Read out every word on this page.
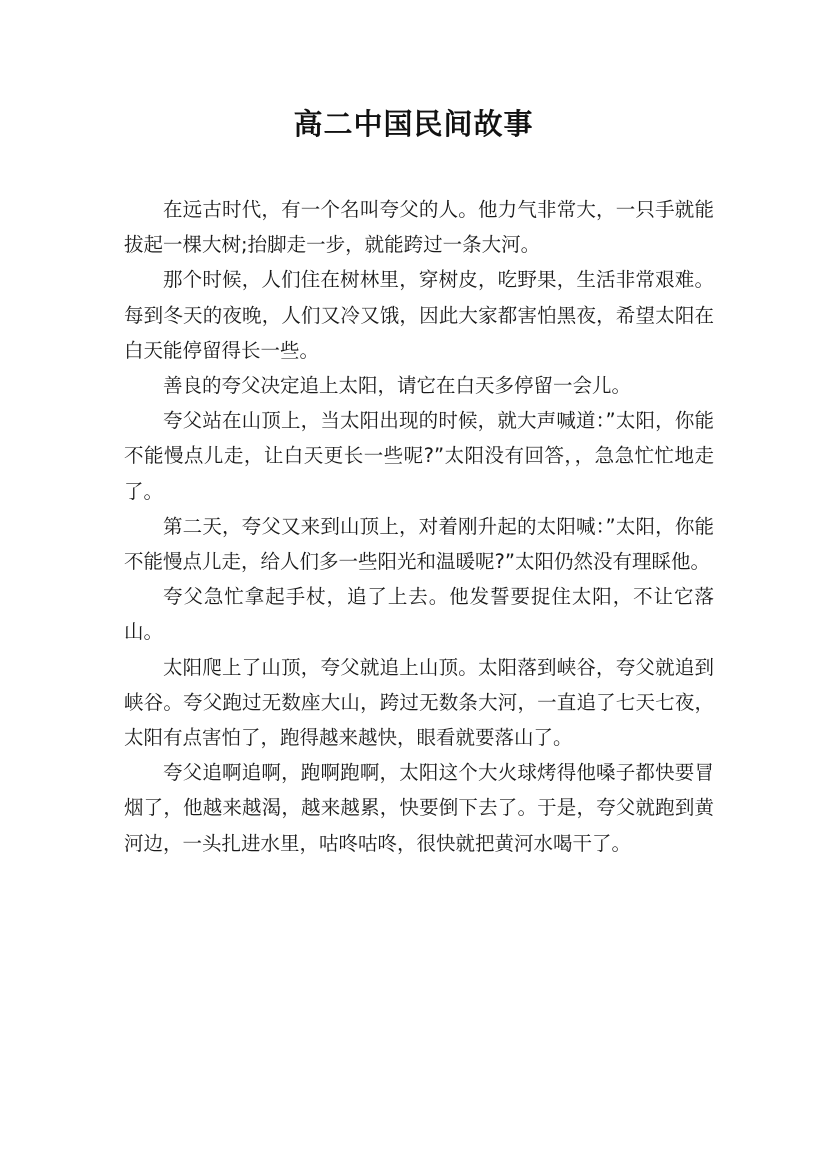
高二中国民间故事

在远古时代，有一个名叫夸父的人。他力气非常大，一只手就能拔起一棵大树;抬脚走一步，就能跨过一条大河。

那个时候，人们住在树林里，穿树皮，吃野果，生活非常艰难。每到冬天的夜晚，人们又冷又饿，因此大家都害怕黑夜，希望太阳在白天能停留得长一些。

善良的夸父决定追上太阳，请它在白天多停留一会儿。

夸父站在山顶上，当太阳出现的时候，就大声喊道：”太阳，你能不能慢点儿走，让白天更长一些呢?”太阳没有回答，，急急忙忙地走了。

第二天，夸父又来到山顶上，对着刚升起的太阳喊：”太阳，你能不能慢点儿走，给人们多一些阳光和温暖呢?”太阳仍然没有理睬他。

夸父急忙拿起手杖，追了上去。他发誓要捉住太阳，不让它落山。

太阳爬上了山顶，夸父就追上山顶。太阳落到峡谷，夸父就追到峡谷。夸父跑过无数座大山，跨过无数条大河，一直追了七天七夜，太阳有点害怕了，跑得越来越快，眼看就要落山了。

夸父追啊追啊，跑啊跑啊，太阳这个大火球烤得他嗓子都快要冒烟了，他越来越渴，越来越累，快要倒下去了。于是，夸父就跑到黄河边，一头扎进水里，咕咚咕咚，很快就把黄河水喝干了。
